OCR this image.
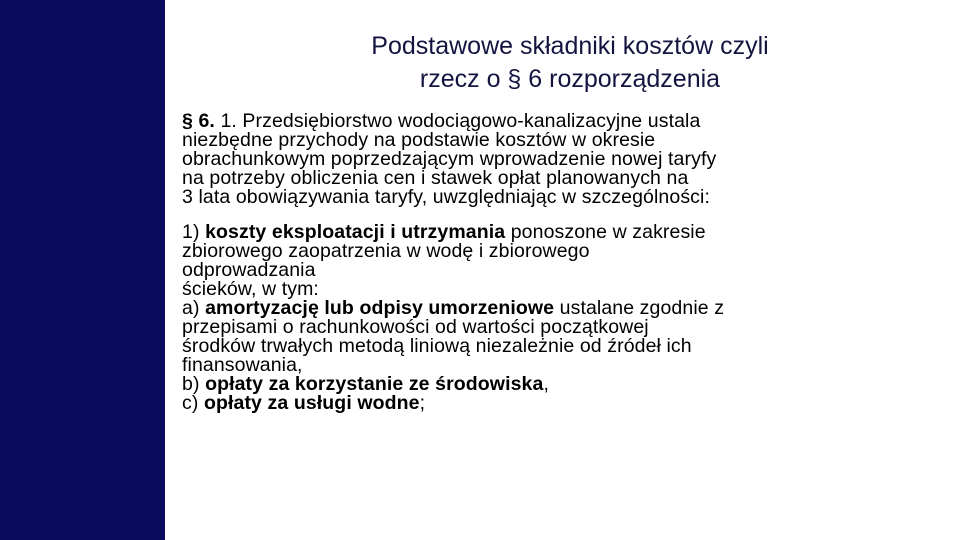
Podstawowe składniki kosztów czyli
rzecz o § 6 rozporządzenia
§ 6. 1. Przedsiębiorstwo wodociągowo-kanalizacyjne ustala
niezbędne przychody na podstawie kosztów w okresie
obrachunkowym poprzedzającym wprowadzenie nowej taryfy
na potrzeby obliczenia cen i stawek opłat planowanych na
3 lata obowiązywania taryfy, uwzględniając w szczególności:
1) koszty eksploatacji i utrzymania ponoszone w zakresie
zbiorowego zaopatrzenia w wodę i zbiorowego
odprowadzania
ścieków, w tym:
a) amortyzację lub odpisy umorzeniowe ustalane zgodnie z
przepisami o rachunkowości od wartości początkowej
środków trwałych metodą liniową niezależnie od źródeł ich
finansowania,
b) opłaty za korzystanie ze środowiska,
c) opłaty za usługi wodne;
